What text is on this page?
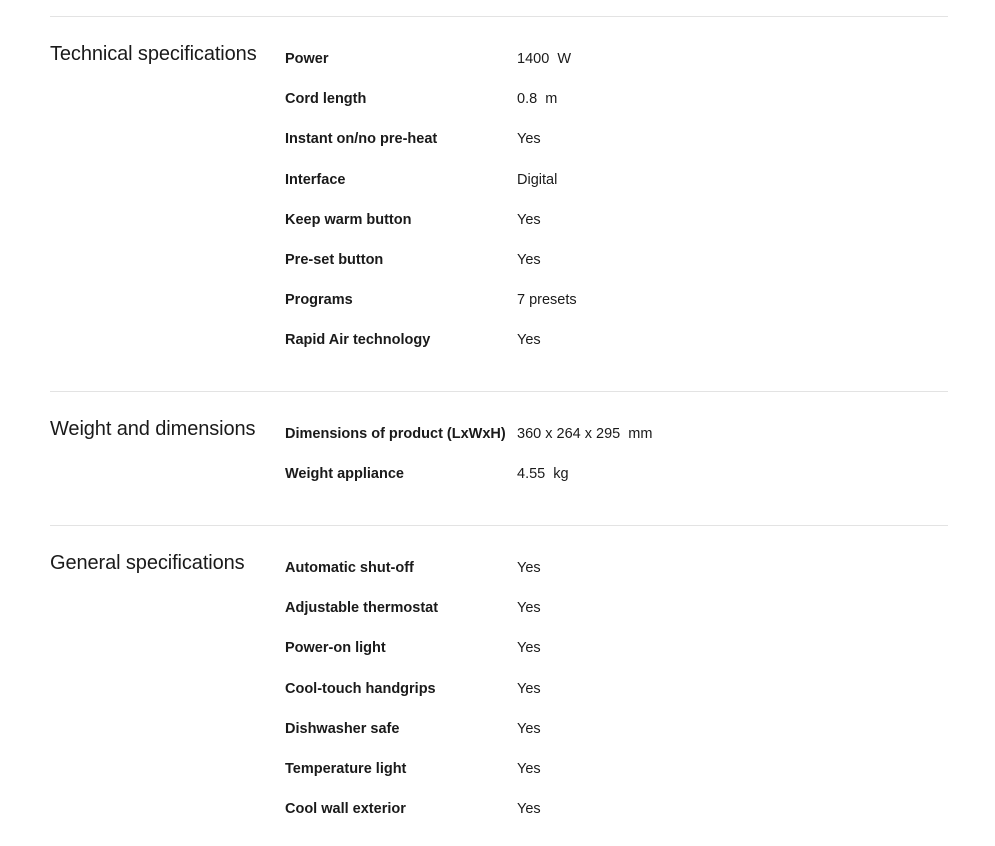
Technical specifications Power	1400  W
Cord length	0.8  m
Instant on/no pre-heat	Yes
Interface	Digital
Keep warm button	Yes
Pre-set button	Yes
Programs	7 presets
Rapid Air technology	Yes
Weight and dimensions Dimensions of product (LxWxH) 360 x 264 x 295  mm
Weight appliance	4.55  kg
General specifications	Automatic shut-off	Yes
Adjustable thermostat	Yes
Power-on light	Yes
Cool-touch handgrips	Yes
Dishwasher safe	Yes
Temperature light	Yes
Cool wall exterior	Yes
